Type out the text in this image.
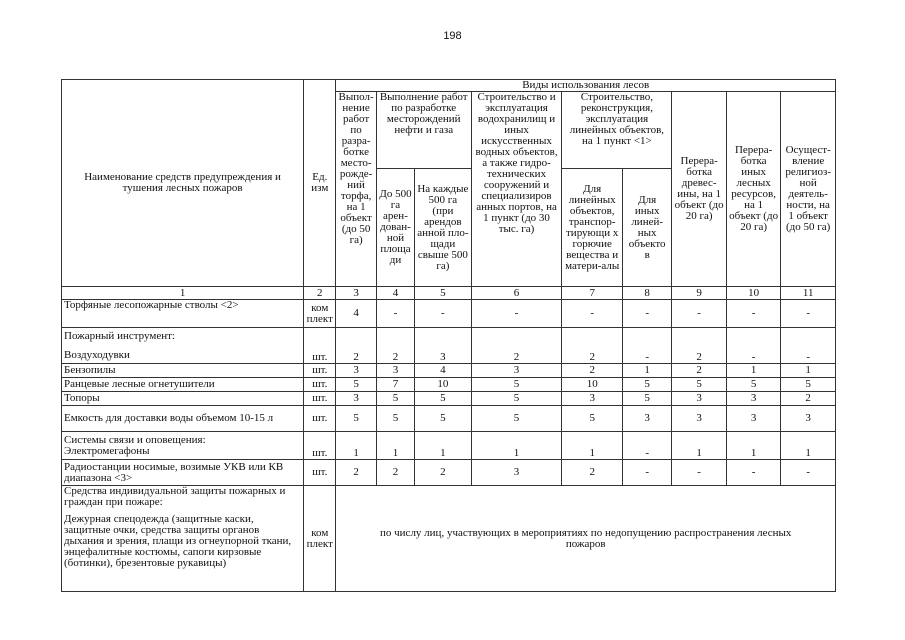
198
Наименование средств предупреждения и тушения лесных пожаров	Ед. изм	Виды использования лесов								
		Выпол-нение работ по разра-ботке место-рожде-ний торфа, на 1 объект (до 50 га)	Выполнение работ по разработке месторождений нефти и газа		Строительство и эксплуатация водохранилищ и иных искусственных водных объектов, а также гидро-технических сооружений и специализиров анных портов, на 1 пункт (до 30 тыс. га)	Строительство, реконструкция, эксплуатация линейных объектов, на 1 пункт <1>		Перера-ботка древес-ины, на 1 объект (до 20 га)	Перера-ботка иных лесных ресурсов, на 1 объект (до 20 га)	Осущест-вление религиоз-ной деятель-ности, на 1 объект (до 50 га)
			До 500 га арен-дован-ной площа ди	На каждые 500 га (при арендов анной пло-щади свыше 500 га)		Для линейных объектов, транспор-тирующи х горючие вещества и матери-алы	Для иных линей-ных объекто в			
1	2	3	4	5	6	7	8	9	10	11
Торфяные лесопожарные стволы <2>	ком плект	4	-	-	-	-	-	-	-	-
Пожарный инструмент:
Воздуходувки	шт.	2	2	3	2	2	-	2	-	-
Бензопилы	шт.	3	3	4	3	2	1	2	1	1
Ранцевые лесные огнетушители	шт.	5	7	10	5	10	5	5	5	5
Топоры	шт.	3	5	5	5	3	5	3	3	2
Емкость для доставки воды объемом 10-15 л	шт.	5	5	5	5	5	3	3	3	3
Системы связи и оповещения:
Электромегафоны	шт.	1	1	1	1	1	-	1	1	1
Радиостанции носимые, возимые УКВ или КВ диапазона <3>	шт.	2	2	2	3	2	-	-	-	-
Средства индивидуальной защиты пожарных и граждан при пожаре:
Дежурная спецодежда (защитные каски, защитные очки, средства защиты органов дыхания и зрения, плащи из огнеупорной ткани, энцефалитные костюмы, сапоги кирзовые (ботинки), брезентовые рукавицы)	ком плект	по числу лиц, участвующих в мероприятиях по недопущению распространения лесных пожаров								
